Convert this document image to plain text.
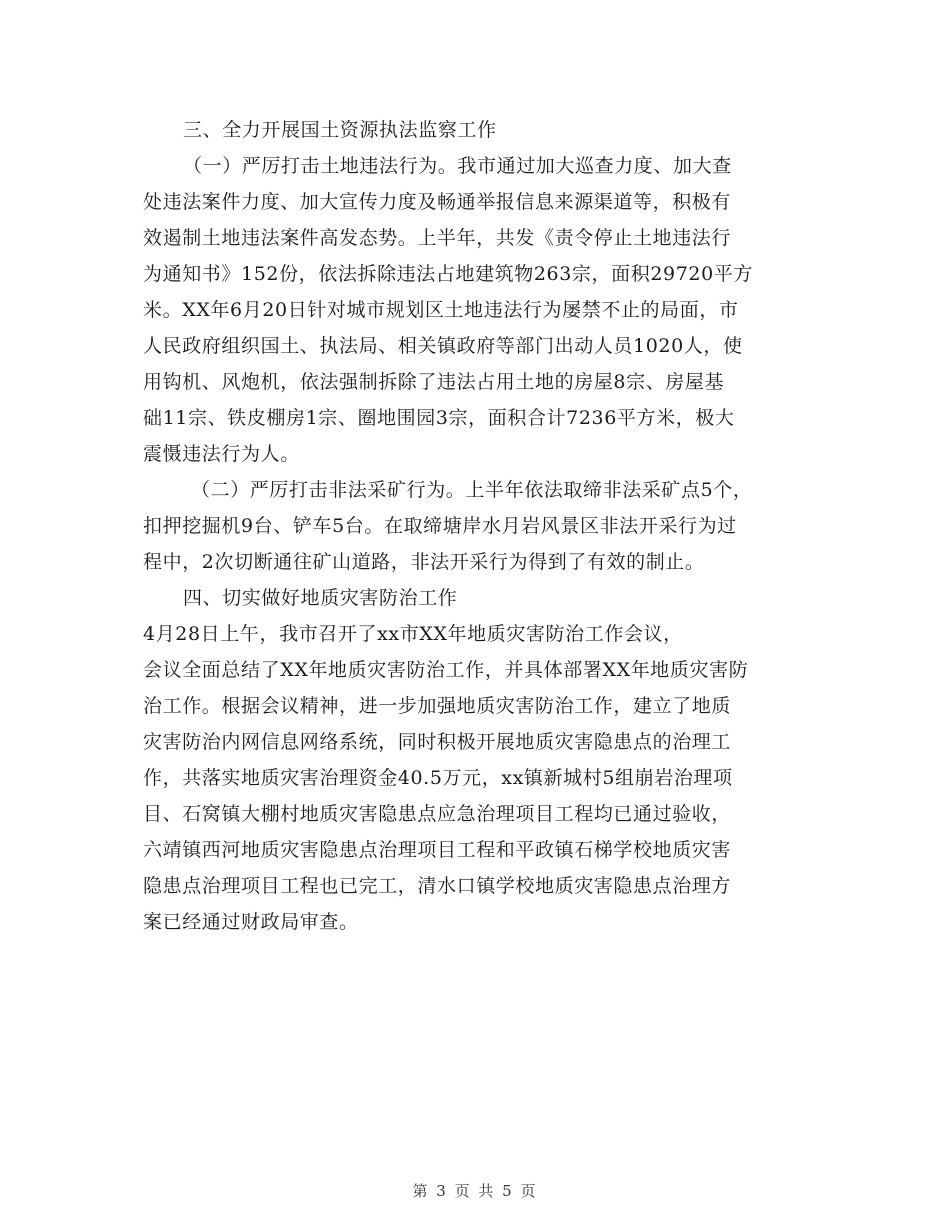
三、全力开展国土资源执法监察工作
（一）严厉打击土地违法行为。我市通过加大巡查力度、加大查
处违法案件力度、加大宣传力度及畅通举报信息来源渠道等，积极有
效遏制土地违法案件高发态势。上半年，共发《责令停止土地违法行
为通知书》152份，依法拆除违法占地建筑物263宗，面积29720平方
米。XX年6月20日针对城市规划区土地违法行为屡禁不止的局面，市
人民政府组织国土、执法局、相关镇政府等部门出动人员1020人，使
用钩机、风炮机，依法强制拆除了违法占用土地的房屋8宗、房屋基
础11宗、铁皮棚房1宗、圈地围园3宗，面积合计7236平方米，极大
震慑违法行为人。
（二）严厉打击非法采矿行为。上半年依法取缔非法采矿点5个，
扣押挖掘机9台、铲车5台。在取缔塘岸水月岩风景区非法开采行为过
程中，2次切断通往矿山道路，非法开采行为得到了有效的制止。
四、切实做好地质灾害防治工作
4月28日上午，我市召开了xx市XX年地质灾害防治工作会议，
会议全面总结了XX年地质灾害防治工作，并具体部署XX年地质灾害防
治工作。根据会议精神，进一步加强地质灾害防治工作，建立了地质
灾害防治内网信息网络系统，同时积极开展地质灾害隐患点的治理工
作，共落实地质灾害治理资金40.5万元，xx镇新城村5组崩岩治理项
目、石窝镇大棚村地质灾害隐患点应急治理项目工程均已通过验收，
六靖镇西河地质灾害隐患点治理项目工程和平政镇石梯学校地质灾害
隐患点治理项目工程也已完工，清水口镇学校地质灾害隐患点治理方
案已经通过财政局审查。
第 3 页 共 5 页
